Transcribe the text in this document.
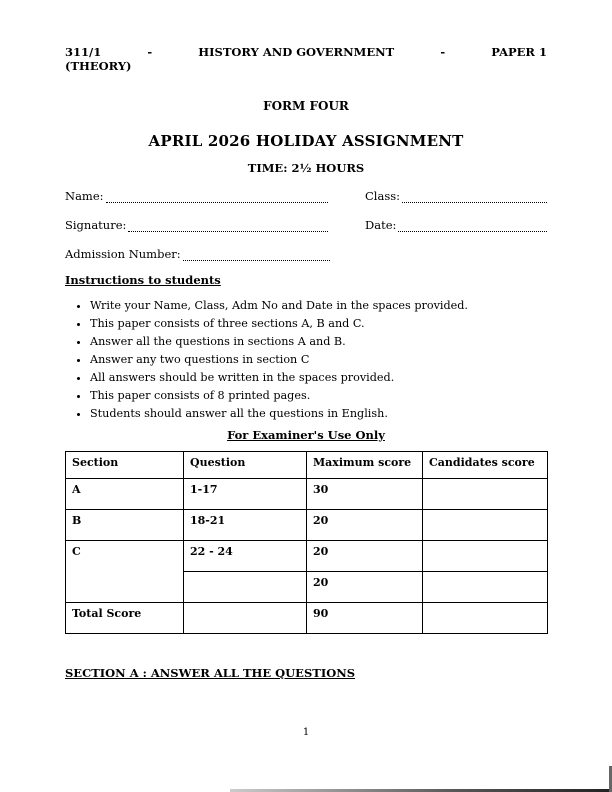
311/1	-	HISTORY AND GOVERNMENT	-	PAPER 1
(THEORY)
FORM FOUR
APRIL 2026 HOLIDAY ASSIGNMENT
TIME: 2½ HOURS
Name:	Class:
Signature:	Date:
Admission Number:
Instructions to students
• Write your Name, Class, Adm No and Date in the spaces provided.
• This paper consists of three sections A, B and C.
• Answer all the questions in sections A and B.
• Answer any two questions in section C
• All answers should be written in the spaces provided.
• This paper consists of 8 printed pages.
• Students should answer all the questions in English.
For Examiner's Use Only
Section	Question	Maximum score	Candidates score
A	1-17	30	
B	18-21	20	
C	22 - 24	20	
		20	
Total Score		90	
SECTION A : ANSWER ALL THE QUESTIONS
1
